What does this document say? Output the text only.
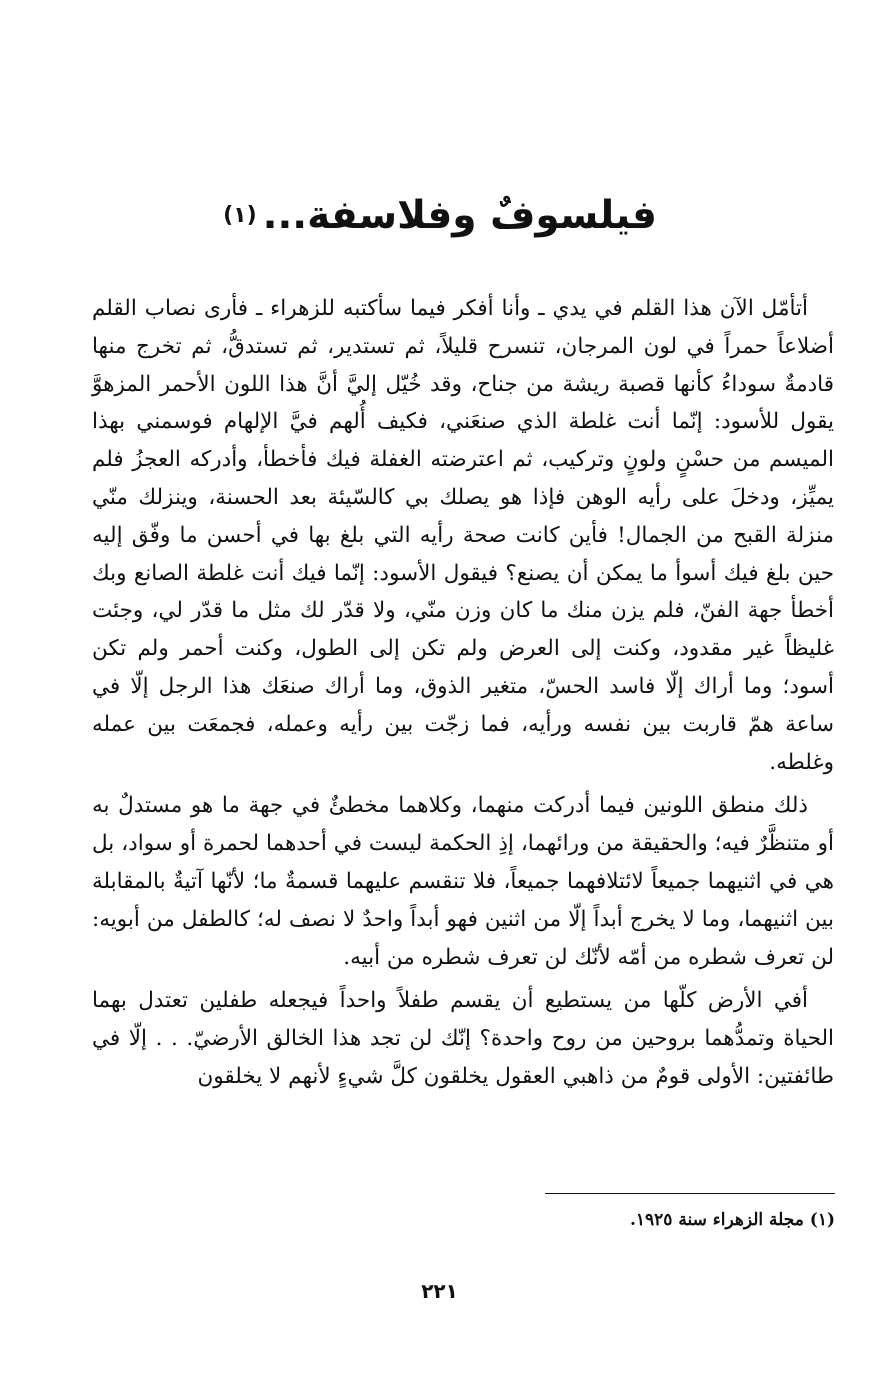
فيلسوفٌ وفلاسفة...(١)

أتأمّل الآن هذا القلم في يدي ـ وأنا أفكر فيما سأكتبه للزهراء ـ فأرى نصاب القلم أضلاعاً حمراً في لون المرجان، تنسرح قليلاً، ثم تستدير، ثم تستدقُّ، ثم تخرج منها قادمةٌ سوداءُ كأنها قصبة ريشة من جناح، وقد خُيّل إليَّ أنَّ هذا اللون الأحمر المزهوَّ يقول للأسود: إنّما أنت غلطة الذي صنعَني، فكيف أُلهم فيَّ الإلهام فوسمني بهذا الميسم من حسْنٍ ولونٍ وتركيب، ثم اعترضته الغفلة فيك فأخطأ، وأدركه العجزُ فلم يميِّز، ودخلَ على رأيه الوهن فإذا هو يصلك بي كالسّيئة بعد الحسنة، وينزلك منّي منزلة القبح من الجمال! فأين كانت صحة رأيه التي بلغ بها في أحسن ما وفّق إليه حين بلغ فيك أسوأ ما يمكن أن يصنع؟ فيقول الأسود: إنّما فيك أنت غلطة الصانع وبك أخطأ جهة الفنّ، فلم يزن منك ما كان وزن منّي، ولا قدّر لك مثل ما قدّر لي، وجئت غليظاً غير مقدود، وكنت إلى العرض ولم تكن إلى الطول، وكنت أحمر ولم تكن أسود؛ وما أراك إلّا فاسد الحسّ، متغير الذوق، وما أراك صنعَك هذا الرجل إلّا في ساعة همّ قاربت بين نفسه ورأيه، فما زجّت بين رأيه وعمله، فجمعَت بين عمله وغلطه.

ذلك منطق اللونين فيما أدركت منهما، وكلاهما مخطئٌ في جهة ما هو مستدلٌ به أو متنظَّرٌ فيه؛ والحقيقة من ورائهما، إذِ الحكمة ليست في أحدهما لحمرة أو سواد، بل هي في اثنيهما جميعاً لائتلافهما جميعاً، فلا تنقسم عليهما قسمةٌ ما؛ لأنّها آتيةٌ بالمقابلة بين اثنيهما، وما لا يخرج أبداً إلّا من اثنين فهو أبداً واحدٌ لا نصف له؛ كالطفل من أبويه: لن تعرف شطره من أمّه لأنّك لن تعرف شطره من أبيه.

أفي الأرض كلّها من يستطيع أن يقسم طفلاً واحداً فيجعله طفلين تعتدل بهما الحياة وتمدُّهما بروحين من روح واحدة؟ إنّك لن تجد هذا الخالق الأرضيّ. . . إلّا في طائفتين: الأولى قومٌ من ذاهبي العقول يخلقون كلَّ شيءٍ لأنهم لا يخلقون

(١) مجلة الزهراء سنة ١٩٢٥.
٢٢١
